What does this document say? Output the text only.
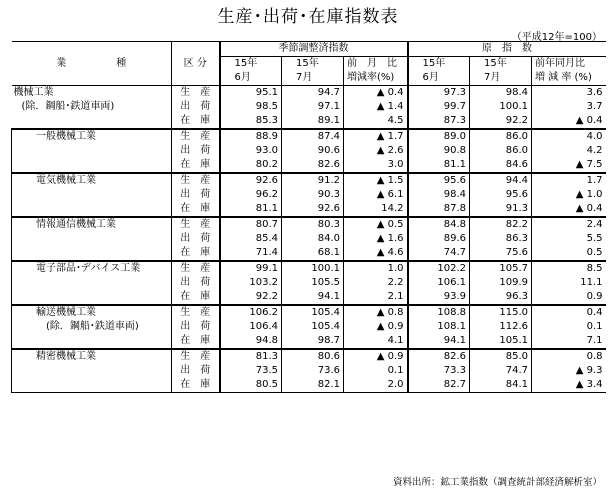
生産･出荷･在庫指数表
（平成12年=100）
業　　　　　種	区 分	季節調整済指数			原　指　数		
		15年	15年	前　月　比	15年	15年	前年同月比
		6月	7月	増減率(%)	6月	7月	増 減 率 (%)
機械工業	生　産	95.1	94.7	▲ 0.4	97.3	98.4	3.6
(除．鋼船･鉄道車両)	出　荷	98.5	97.1	▲ 1.4	99.7	100.1	3.7
	在　庫	85.3	89.1	4.5	87.3	92.2	▲ 0.4
一般機械工業	生　産	88.9	87.4	▲ 1.7	89.0	86.0	4.0
	出　荷	93.0	90.6	▲ 2.6	90.8	86.0	4.2
	在　庫	80.2	82.6	3.0	81.1	84.6	▲ 7.5
電気機械工業	生　産	92.6	91.2	▲ 1.5	95.6	94.4	1.7
	出　荷	96.2	90.3	▲ 6.1	98.4	95.6	▲ 1.0
	在　庫	81.1	92.6	14.2	87.8	91.3	▲ 0.4
情報通信機械工業	生　産	80.7	80.3	▲ 0.5	84.8	82.2	2.4
	出　荷	85.4	84.0	▲ 1.6	89.6	86.3	5.5
	在　庫	71.4	68.1	▲ 4.6	74.7	75.6	0.5
電子部品･デバイス工業	生　産	99.1	100.1	1.0	102.2	105.7	8.5
	出　荷	103.2	105.5	2.2	106.1	109.9	11.1
	在　庫	92.2	94.1	2.1	93.9	96.3	0.9
輸送機械工業	生　産	106.2	105.4	▲ 0.8	108.8	115.0	0.4
(除．鋼船･鉄道車両)	出　荷	106.4	105.4	▲ 0.9	108.1	112.6	0.1
	在　庫	94.8	98.7	4.1	94.1	105.1	7.1
精密機械工業	生　産	81.3	80.6	▲ 0.9	82.6	85.0	0.8
	出　荷	73.5	73.6	0.1	73.3	74.7	▲ 9.3
	在　庫	80.5	82.1	2.0	82.7	84.1	▲ 3.4
資料出所：鉱工業指数（調査統計部経済解析室）
